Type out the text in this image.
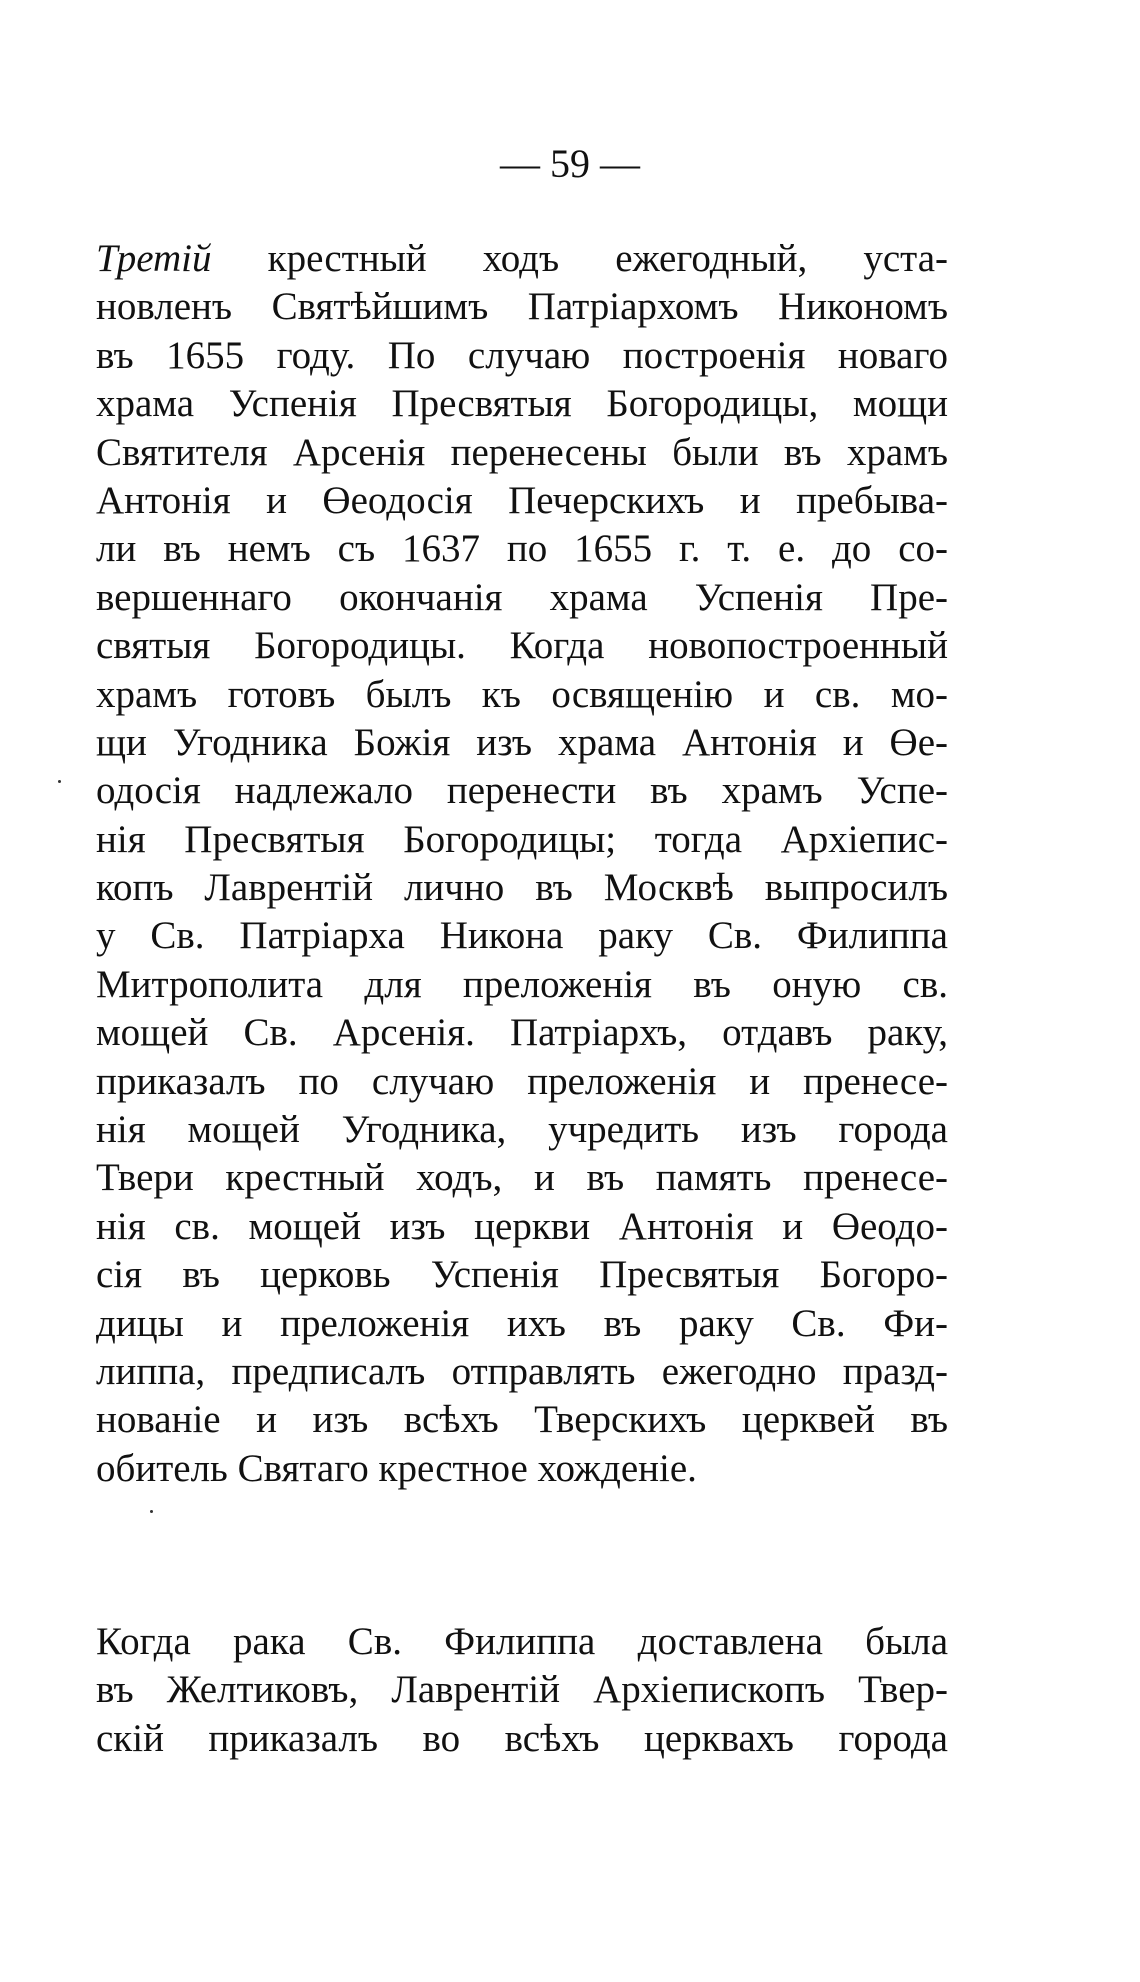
— 59 —
Третій крестный ходъ ежегодный, уста-
новленъ Святѣйшимъ Патріархомъ Никономъ
въ 1655 году. По случаю построенія новаго
храма Успенія Пресвятыя Богородицы, мощи
Святителя Арсенія перенесены были въ храмъ
Антонія и Өеодосія Печерскихъ и пребыва-
ли въ немъ съ 1637 по 1655 г. т. е. до со-
вершеннаго окончанія храма Успенія Пре-
святыя Богородицы. Когда новопостроенный
храмъ готовъ былъ къ освященію и св. мо-
щи Угодника Божія изъ храма Антонія и Өе-
одосія надлежало перенести въ храмъ Успе-
нія Пресвятыя Богородицы; тогда Архіепис-
копъ Лаврентій лично въ Москвѣ выпросилъ
у Св. Патріарха Никона раку Св. Филиппа
Митрополита для преложенія въ оную св.
мощей Св. Арсенія. Патріархъ, отдавъ раку,
приказалъ по случаю преложенія и пренесе-
нія мощей Угодника, учредить изъ города
Твери крестный ходъ, и въ память пренесе-
нія св. мощей изъ церкви Антонія и Өеодо-
сія въ церковь Успенія Пресвятыя Богоро-
дицы и преложенія ихъ въ раку Св. Фи-
липпа, предписалъ отправлять ежегодно празд-
нованіе и изъ всѣхъ Тверскихъ церквей въ
обитель Святаго крестное хожденіе.
Когда рака Св. Филиппа доставлена была
въ Желтиковъ, Лаврентій Архіепископъ Твер-
скій приказалъ во всѣхъ церквахъ города
